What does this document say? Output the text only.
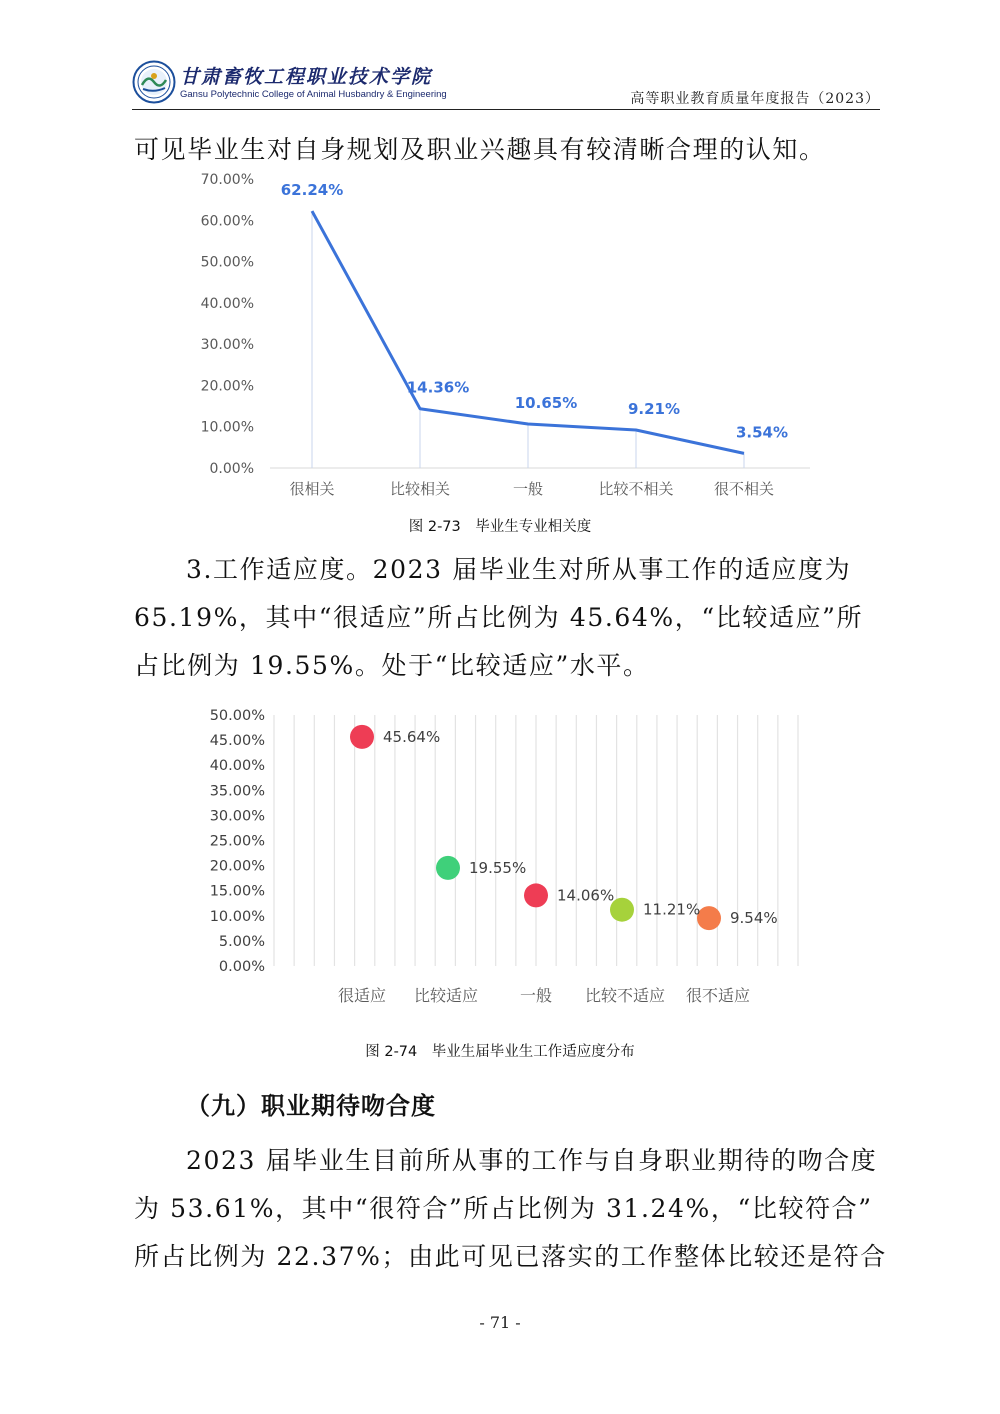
甘肃畜牧工程职业技术学院
Gansu Polytechnic College of Animal Husbandry & Engineering	高等职业教育质量年度报告（2023）
可见毕业生对自身规划及职业兴趣具有较清晰合理的认知。
0.00%
10.00%
20.00%
30.00%
40.00%
50.00%
60.00%
70.00%
很相关	比较相关	一般	比较不相关	很不相关
62.24%
14.36%
10.65%	9.21%
3.54%
图 2-73　毕业生专业相关度
3.工作适应度。2023 届毕业生对所从事工作的适应度为
65.19%，其中“很适应”所占比例为 45.64%，“比较适应”所
占比例为 19.55%。处于“比较适应”水平。
0.00%
5.00%
10.00%
15.00%
20.00%
25.00%
30.00%
35.00%
40.00%
45.00%
50.00%
很适应 比较适应	一般 比较不适应 很不适应
45.64%
19.55%
14.06%
11.21% 9.54%
图 2-74　毕业生届毕业生工作适应度分布
（九）职业期待吻合度
2023 届毕业生目前所从事的工作与自身职业期待的吻合度
为 53.61%，其中“很符合”所占比例为 31.24%，“比较符合”
所占比例为 22.37%；由此可见已落实的工作整体比较还是符合
- 71 -
